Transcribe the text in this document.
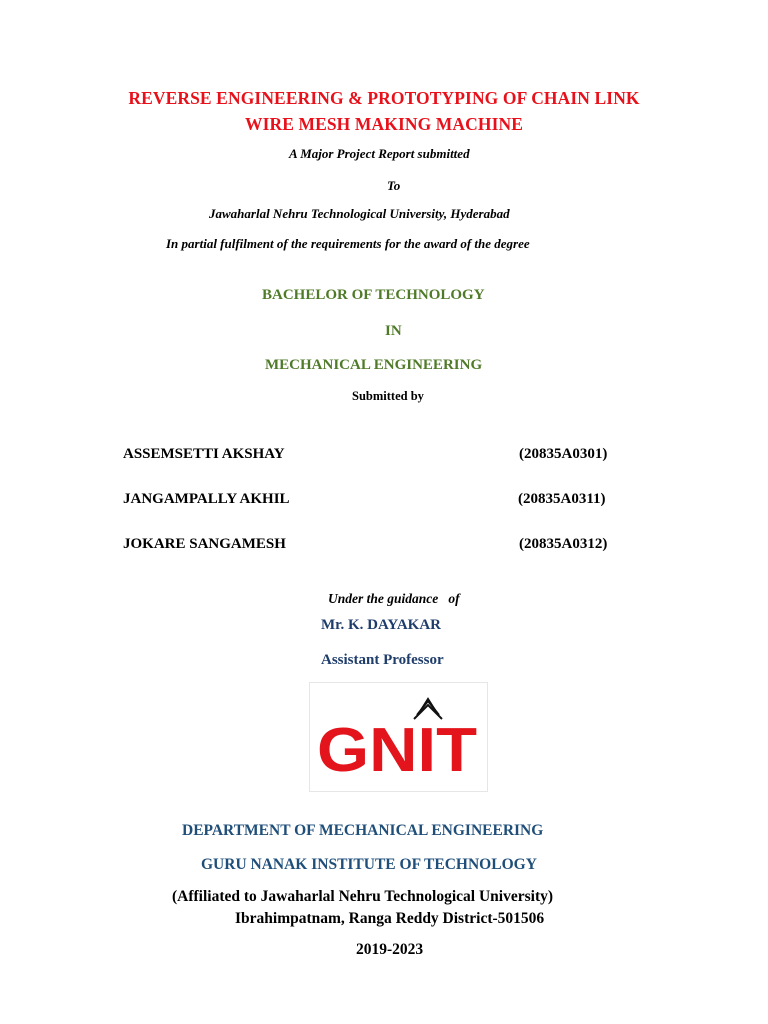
REVERSE ENGINEERING & PROTOTYPING OF CHAIN LINK
WIRE MESH MAKING MACHINE
A Major Project Report submitted
To
Jawaharlal Nehru Technological University, Hyderabad
In partial fulfilment of the requirements for the award of the degree
BACHELOR OF TECHNOLOGY
IN
MECHANICAL ENGINEERING
Submitted by
ASSEMSETTI AKSHAY	(20835A0301)
JANGAMPALLY AKHIL	(20835A0311)
JOKARE SANGAMESH	(20835A0312)
Under the guidance   of
Mr. K. DAYAKAR
Assistant Professor
GNIT
DEPARTMENT OF MECHANICAL ENGINEERING
GURU NANAK INSTITUTE OF TECHNOLOGY
(Affiliated to Jawaharlal Nehru Technological University)
Ibrahimpatnam, Ranga Reddy District-501506
2019-2023
